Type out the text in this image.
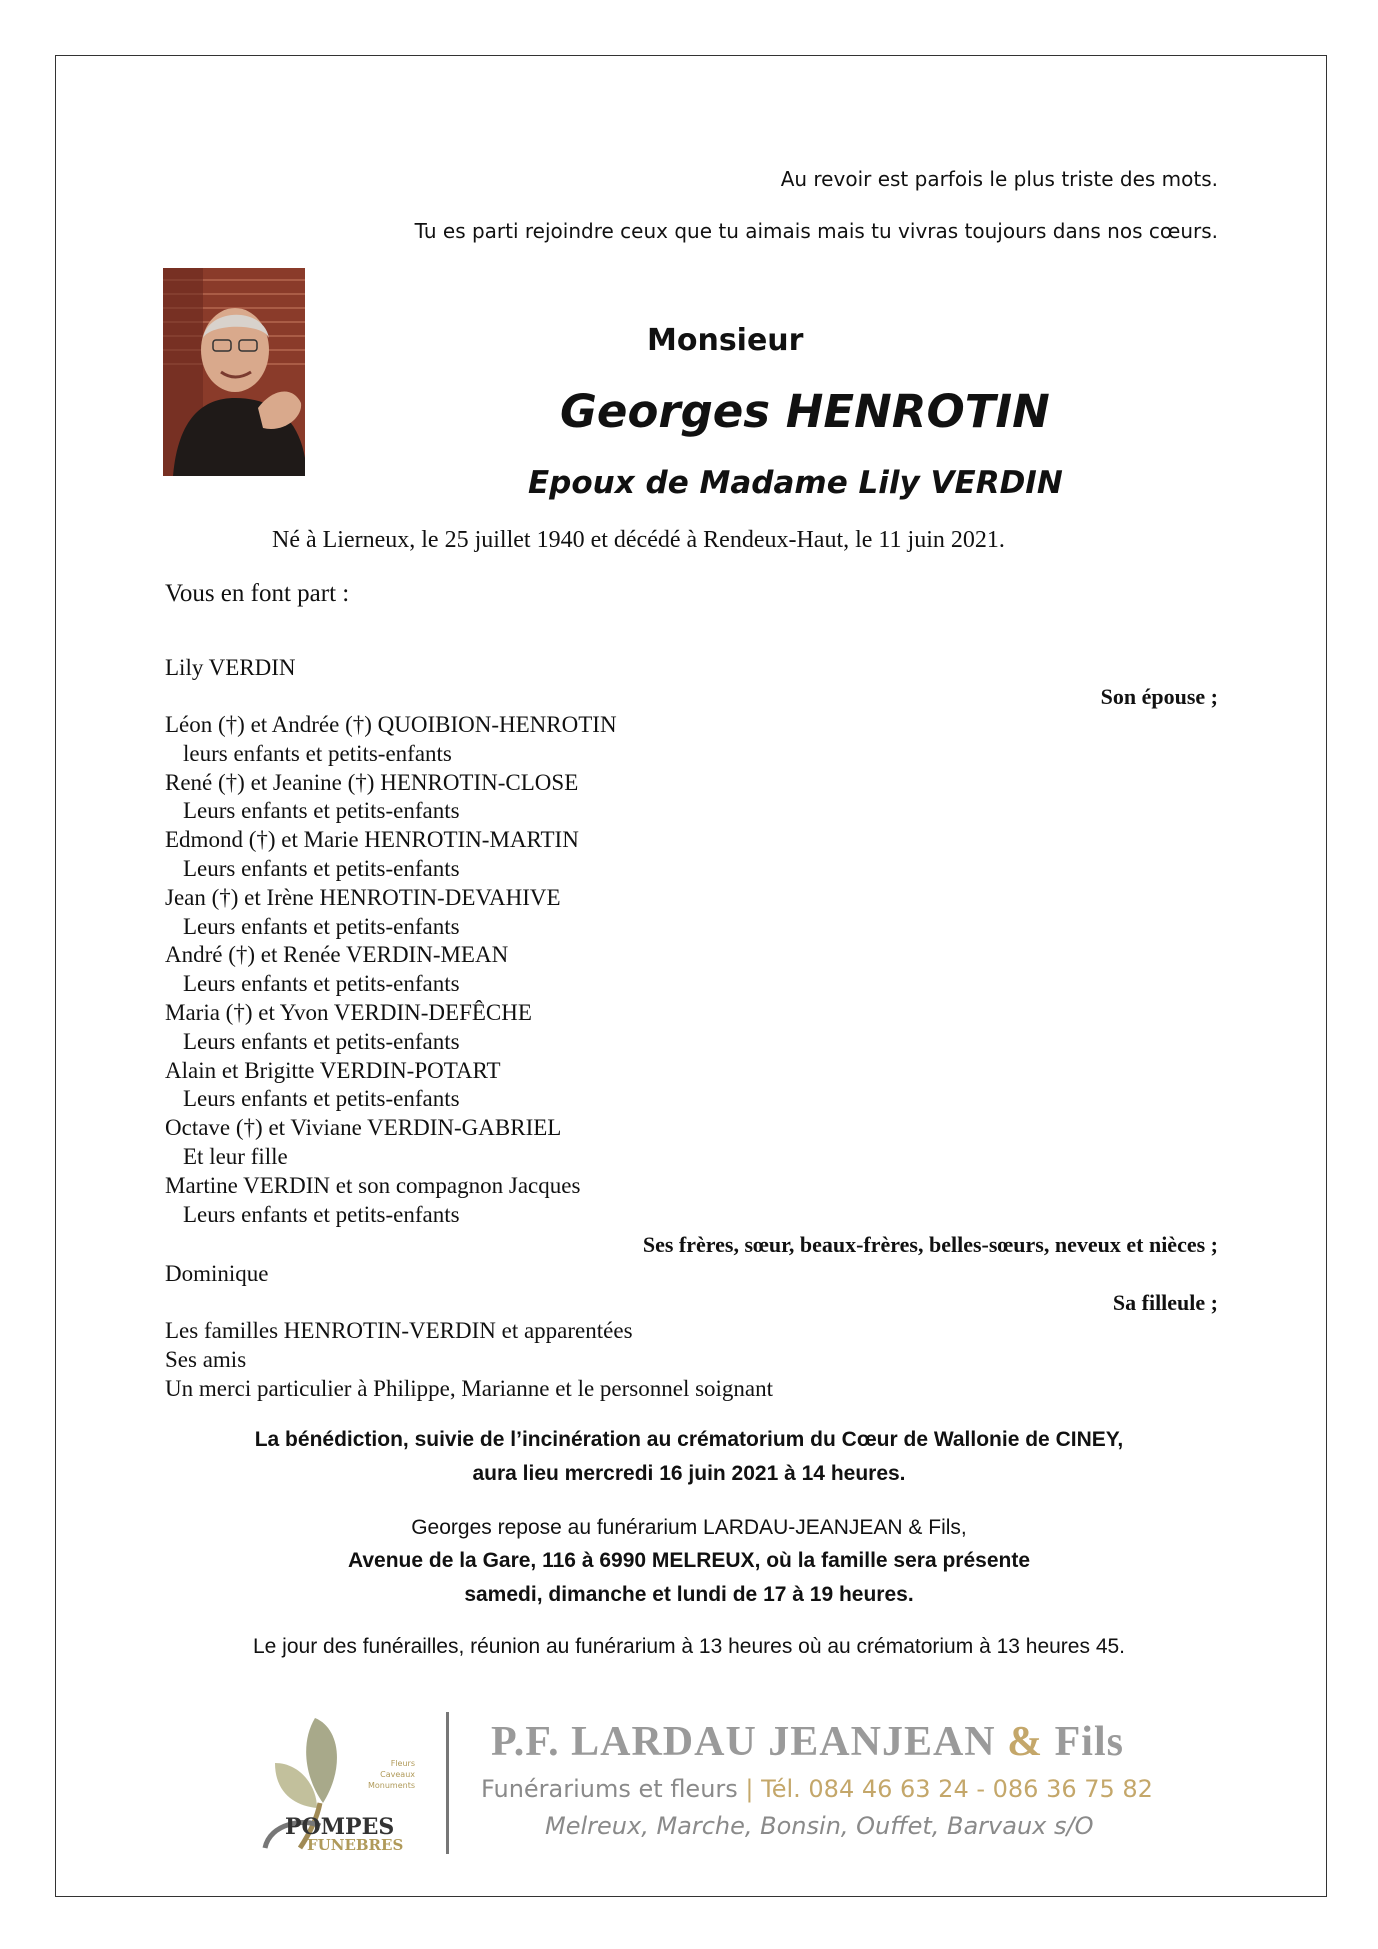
Au revoir est parfois le plus triste des mots.
Tu es parti rejoindre ceux que tu aimais mais tu vivras toujours dans nos cœurs.
Monsieur
Georges HENROTIN
Epoux de Madame Lily VERDIN
Né à Lierneux, le 25 juillet 1940 et décédé à Rendeux-Haut, le 11 juin 2021.
Vous en font part :
Lily VERDIN
Son épouse ;
Léon (†) et Andrée (†) QUOIBION-HENROTIN
leurs enfants et petits-enfants
René (†) et Jeanine (†) HENROTIN-CLOSE
Leurs enfants et petits-enfants
Edmond (†) et Marie HENROTIN-MARTIN
Leurs enfants et petits-enfants
Jean (†) et Irène HENROTIN-DEVAHIVE
Leurs enfants et petits-enfants
André (†) et Renée VERDIN-MEAN
Leurs enfants et petits-enfants
Maria (†) et Yvon VERDIN-DEFÊCHE
Leurs enfants et petits-enfants
Alain et Brigitte VERDIN-POTART
Leurs enfants et petits-enfants
Octave (†) et Viviane VERDIN-GABRIEL
Et leur fille
Martine VERDIN et son compagnon Jacques
Leurs enfants et petits-enfants
Ses frères, sœur, beaux-frères, belles-sœurs, neveux et nièces ;
Dominique
Sa filleule ;
Les familles HENROTIN-VERDIN et apparentées
Ses amis
Un merci particulier à Philippe, Marianne et le personnel soignant
La bénédiction, suivie de l’incinération au crématorium du Cœur de Wallonie de CINEY,
aura lieu mercredi 16 juin 2021 à 14 heures.
Georges repose au funérarium LARDAU-JEANJEAN & Fils,
Avenue de la Gare, 116 à 6990 MELREUX, où la famille sera présente
samedi, dimanche et lundi de 17 à 19 heures.
Le jour des funérailles, réunion au funérarium à 13 heures où au crématorium à 13 heures 45.
Fleurs
Caveaux
Monuments
POMPES
FUNEBRES
P.F. LARDAU JEANJEAN & Fils
Funérariums et fleurs | Tél. 084 46 63 24 - 086 36 75 82
Melreux, Marche, Bonsin, Ouffet, Barvaux s/O
